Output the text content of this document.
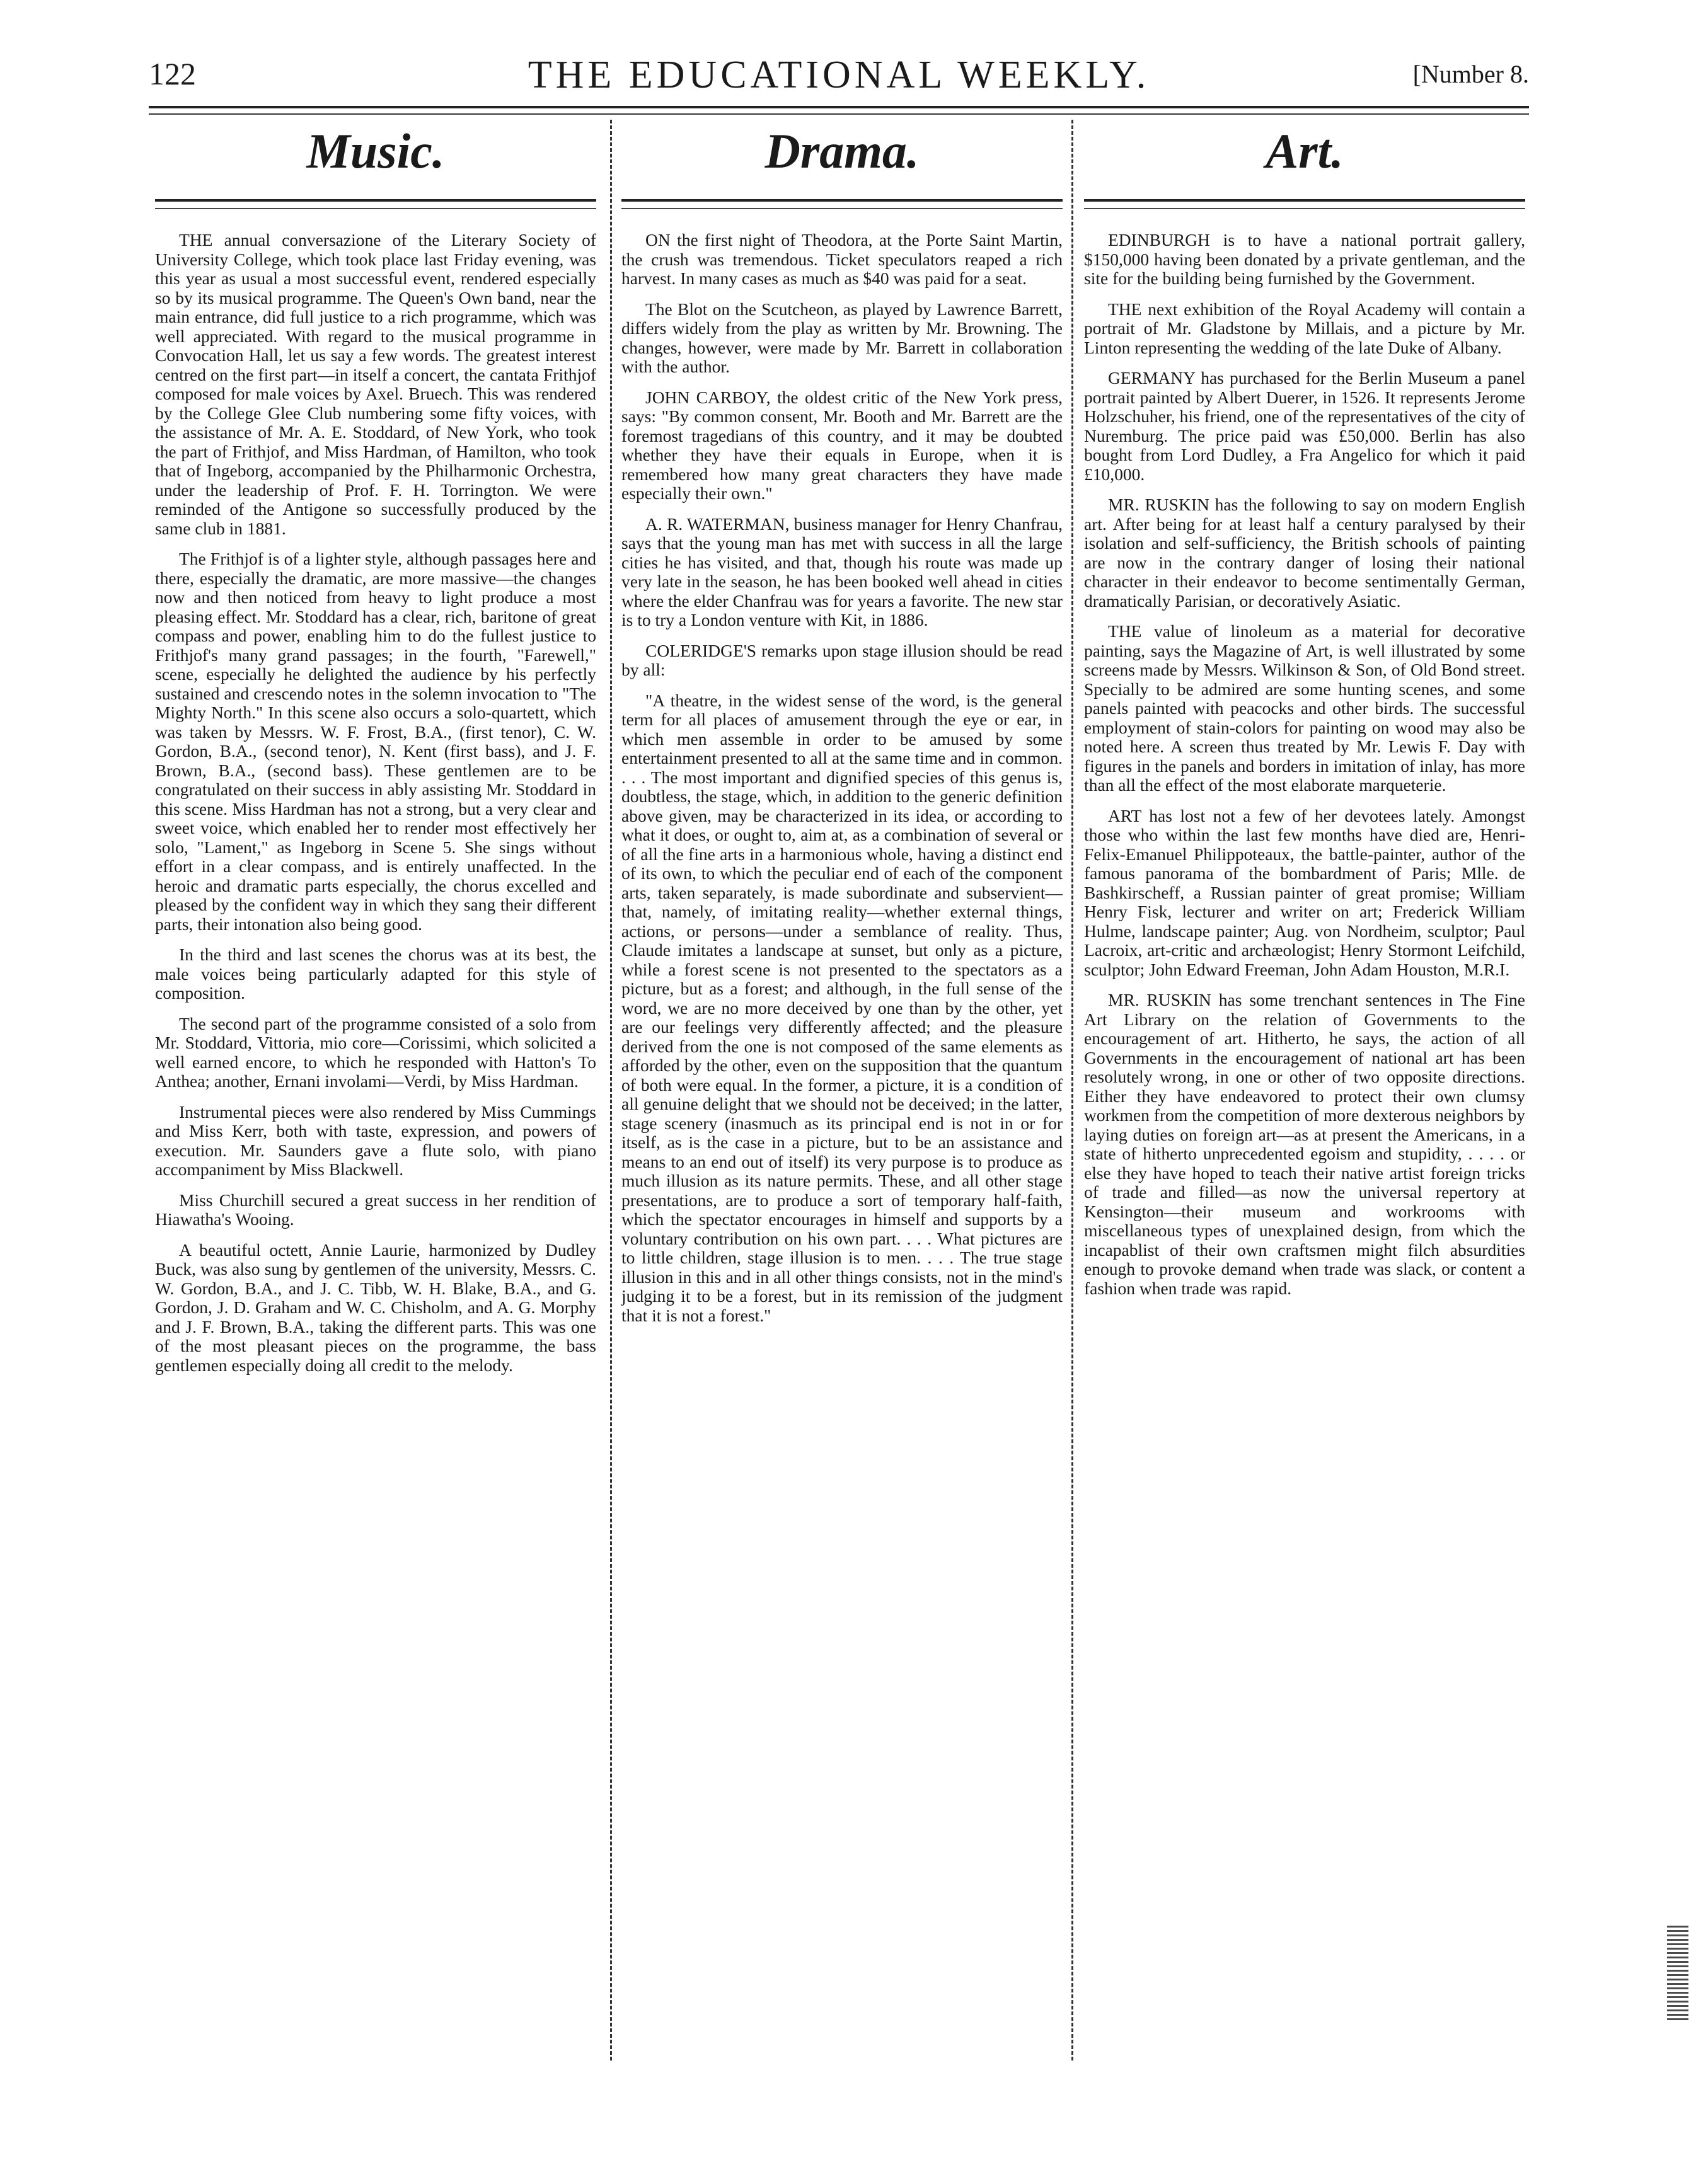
122	THE EDUCATIONAL WEEKLY.	[Number 8.
Music.

THE annual conversazione of the Literary Society of University College, which took place last Friday evening, was this year as usual a most successful event, rendered especially so by its musical programme. The Queen's Own band, near the main entrance, did full justice to a rich programme, which was well appreciated. With regard to the musical programme in Convocation Hall, let us say a few words. The greatest interest centred on the first part—in itself a concert, the cantata Frithjof composed for male voices by Axel. Bruech. This was rendered by the College Glee Club numbering some fifty voices, with the assistance of Mr. A. E. Stoddard, of New York, who took the part of Frithjof, and Miss Hardman, of Hamilton, who took that of Ingeborg, accompanied by the Philharmonic Orchestra, under the leadership of Prof. F. H. Torrington. We were reminded of the Antigone so successfully produced by the same club in 1881.

The Frithjof is of a lighter style, although passages here and there, especially the dramatic, are more massive—the changes now and then noticed from heavy to light produce a most pleasing effect. Mr. Stoddard has a clear, rich, baritone of great compass and power, enabling him to do the fullest justice to Frithjof's many grand passages; in the fourth, "Farewell," scene, especially he delighted the audience by his perfectly sustained and crescendo notes in the solemn invocation to "The Mighty North." In this scene also occurs a solo-quartett, which was taken by Messrs. W. F. Frost, B.A., (first tenor), C. W. Gordon, B.A., (second tenor), N. Kent (first bass), and J. F. Brown, B.A., (second bass). These gentlemen are to be congratulated on their success in ably assisting Mr. Stoddard in this scene. Miss Hardman has not a strong, but a very clear and sweet voice, which enabled her to render most effectively her solo, "Lament," as Ingeborg in Scene 5. She sings without effort in a clear compass, and is entirely unaffected. In the heroic and dramatic parts especially, the chorus excelled and pleased by the confident way in which they sang their different parts, their intonation also being good.

In the third and last scenes the chorus was at its best, the male voices being particularly adapted for this style of composition.

The second part of the programme consisted of a solo from Mr. Stoddard, Vittoria, mio core—Corissimi, which solicited a well earned encore, to which he responded with Hatton's To Anthea; another, Ernani involami—Verdi, by Miss Hardman.

Instrumental pieces were also rendered by Miss Cummings and Miss Kerr, both with taste, expression, and powers of execution. Mr. Saunders gave a flute solo, with piano accompaniment by Miss Blackwell.

Miss Churchill secured a great success in her rendition of Hiawatha's Wooing.

A beautiful octett, Annie Laurie, harmonized by Dudley Buck, was also sung by gentlemen of the university, Messrs. C. W. Gordon, B.A., and J. C. Tibb, W. H. Blake, B.A., and G. Gordon, J. D. Graham and W. C. Chisholm, and A. G. Morphy and J. F. Brown, B.A., taking the different parts. This was one of the most pleasant pieces on the programme, the bass gentlemen especially doing all credit to the melody.

Drama.

ON the first night of Theodora, at the Porte Saint Martin, the crush was tremendous. Ticket speculators reaped a rich harvest. In many cases as much as $40 was paid for a seat.

The Blot on the Scutcheon, as played by Lawrence Barrett, differs widely from the play as written by Mr. Browning. The changes, however, were made by Mr. Barrett in collaboration with the author.

JOHN CARBOY, the oldest critic of the New York press, says: "By common consent, Mr. Booth and Mr. Barrett are the foremost tragedians of this country, and it may be doubted whether they have their equals in Europe, when it is remembered how many great characters they have made especially their own."

A. R. WATERMAN, business manager for Henry Chanfrau, says that the young man has met with success in all the large cities he has visited, and that, though his route was made up very late in the season, he has been booked well ahead in cities where the elder Chanfrau was for years a favorite. The new star is to try a London venture with Kit, in 1886.

COLERIDGE'S remarks upon stage illusion should be read by all:

"A theatre, in the widest sense of the word, is the general term for all places of amusement through the eye or ear, in which men assemble in order to be amused by some entertainment presented to all at the same time and in common. . . . The most important and dignified species of this genus is, doubtless, the stage, which, in addition to the generic definition above given, may be characterized in its idea, or according to what it does, or ought to, aim at, as a combination of several or of all the fine arts in a harmonious whole, having a distinct end of its own, to which the peculiar end of each of the component arts, taken separately, is made subordinate and subservient—that, namely, of imitating reality—whether external things, actions, or persons—under a semblance of reality. Thus, Claude imitates a landscape at sunset, but only as a picture, while a forest scene is not presented to the spectators as a picture, but as a forest; and although, in the full sense of the word, we are no more deceived by one than by the other, yet are our feelings very differently affected; and the pleasure derived from the one is not composed of the same elements as afforded by the other, even on the supposition that the quantum of both were equal. In the former, a picture, it is a condition of all genuine delight that we should not be deceived; in the latter, stage scenery (inasmuch as its principal end is not in or for itself, as is the case in a picture, but to be an assistance and means to an end out of itself) its very purpose is to produce as much illusion as its nature permits. These, and all other stage presentations, are to produce a sort of temporary half-faith, which the spectator encourages in himself and supports by a voluntary contribution on his own part. . . . What pictures are to little children, stage illusion is to men. . . . The true stage illusion in this and in all other things consists, not in the mind's judging it to be a forest, but in its remission of the judgment that it is not a forest."

Art.

EDINBURGH is to have a national portrait gallery, $150,000 having been donated by a private gentleman, and the site for the building being furnished by the Government.

THE next exhibition of the Royal Academy will contain a portrait of Mr. Gladstone by Millais, and a picture by Mr. Linton representing the wedding of the late Duke of Albany.

GERMANY has purchased for the Berlin Museum a panel portrait painted by Albert Duerer, in 1526. It represents Jerome Holzschuher, his friend, one of the representatives of the city of Nuremburg. The price paid was £50,000. Berlin has also bought from Lord Dudley, a Fra Angelico for which it paid £10,000.

MR. RUSKIN has the following to say on modern English art. After being for at least half a century paralysed by their isolation and self-sufficiency, the British schools of painting are now in the contrary danger of losing their national character in their endeavor to become sentimentally German, dramatically Parisian, or decoratively Asiatic.

THE value of linoleum as a material for decorative painting, says the Magazine of Art, is well illustrated by some screens made by Messrs. Wilkinson & Son, of Old Bond street. Specially to be admired are some hunting scenes, and some panels painted with peacocks and other birds. The successful employment of stain-colors for painting on wood may also be noted here. A screen thus treated by Mr. Lewis F. Day with figures in the panels and borders in imitation of inlay, has more than all the effect of the most elaborate marqueterie.

ART has lost not a few of her devotees lately. Amongst those who within the last few months have died are, Henri-Felix-Emanuel Philippoteaux, the battle-painter, author of the famous panorama of the bombardment of Paris; Mlle. de Bashkirscheff, a Russian painter of great promise; William Henry Fisk, lecturer and writer on art; Frederick William Hulme, landscape painter; Aug. von Nordheim, sculptor; Paul Lacroix, art-critic and archæologist; Henry Stormont Leifchild, sculptor; John Edward Freeman, John Adam Houston, M.R.I.

MR. RUSKIN has some trenchant sentences in The Fine Art Library on the relation of Governments to the encouragement of art. Hitherto, he says, the action of all Governments in the encouragement of national art has been resolutely wrong, in one or other of two opposite directions. Either they have endeavored to protect their own clumsy workmen from the competition of more dexterous neighbors by laying duties on foreign art—as at present the Americans, in a state of hitherto unprecedented egoism and stupidity, . . . . or else they have hoped to teach their native artist foreign tricks of trade and filled—as now the universal repertory at Kensington—their museum and workrooms with miscellaneous types of unexplained design, from which the incapablist of their own craftsmen might filch absurdities enough to provoke demand when trade was slack, or content a fashion when trade was rapid.
